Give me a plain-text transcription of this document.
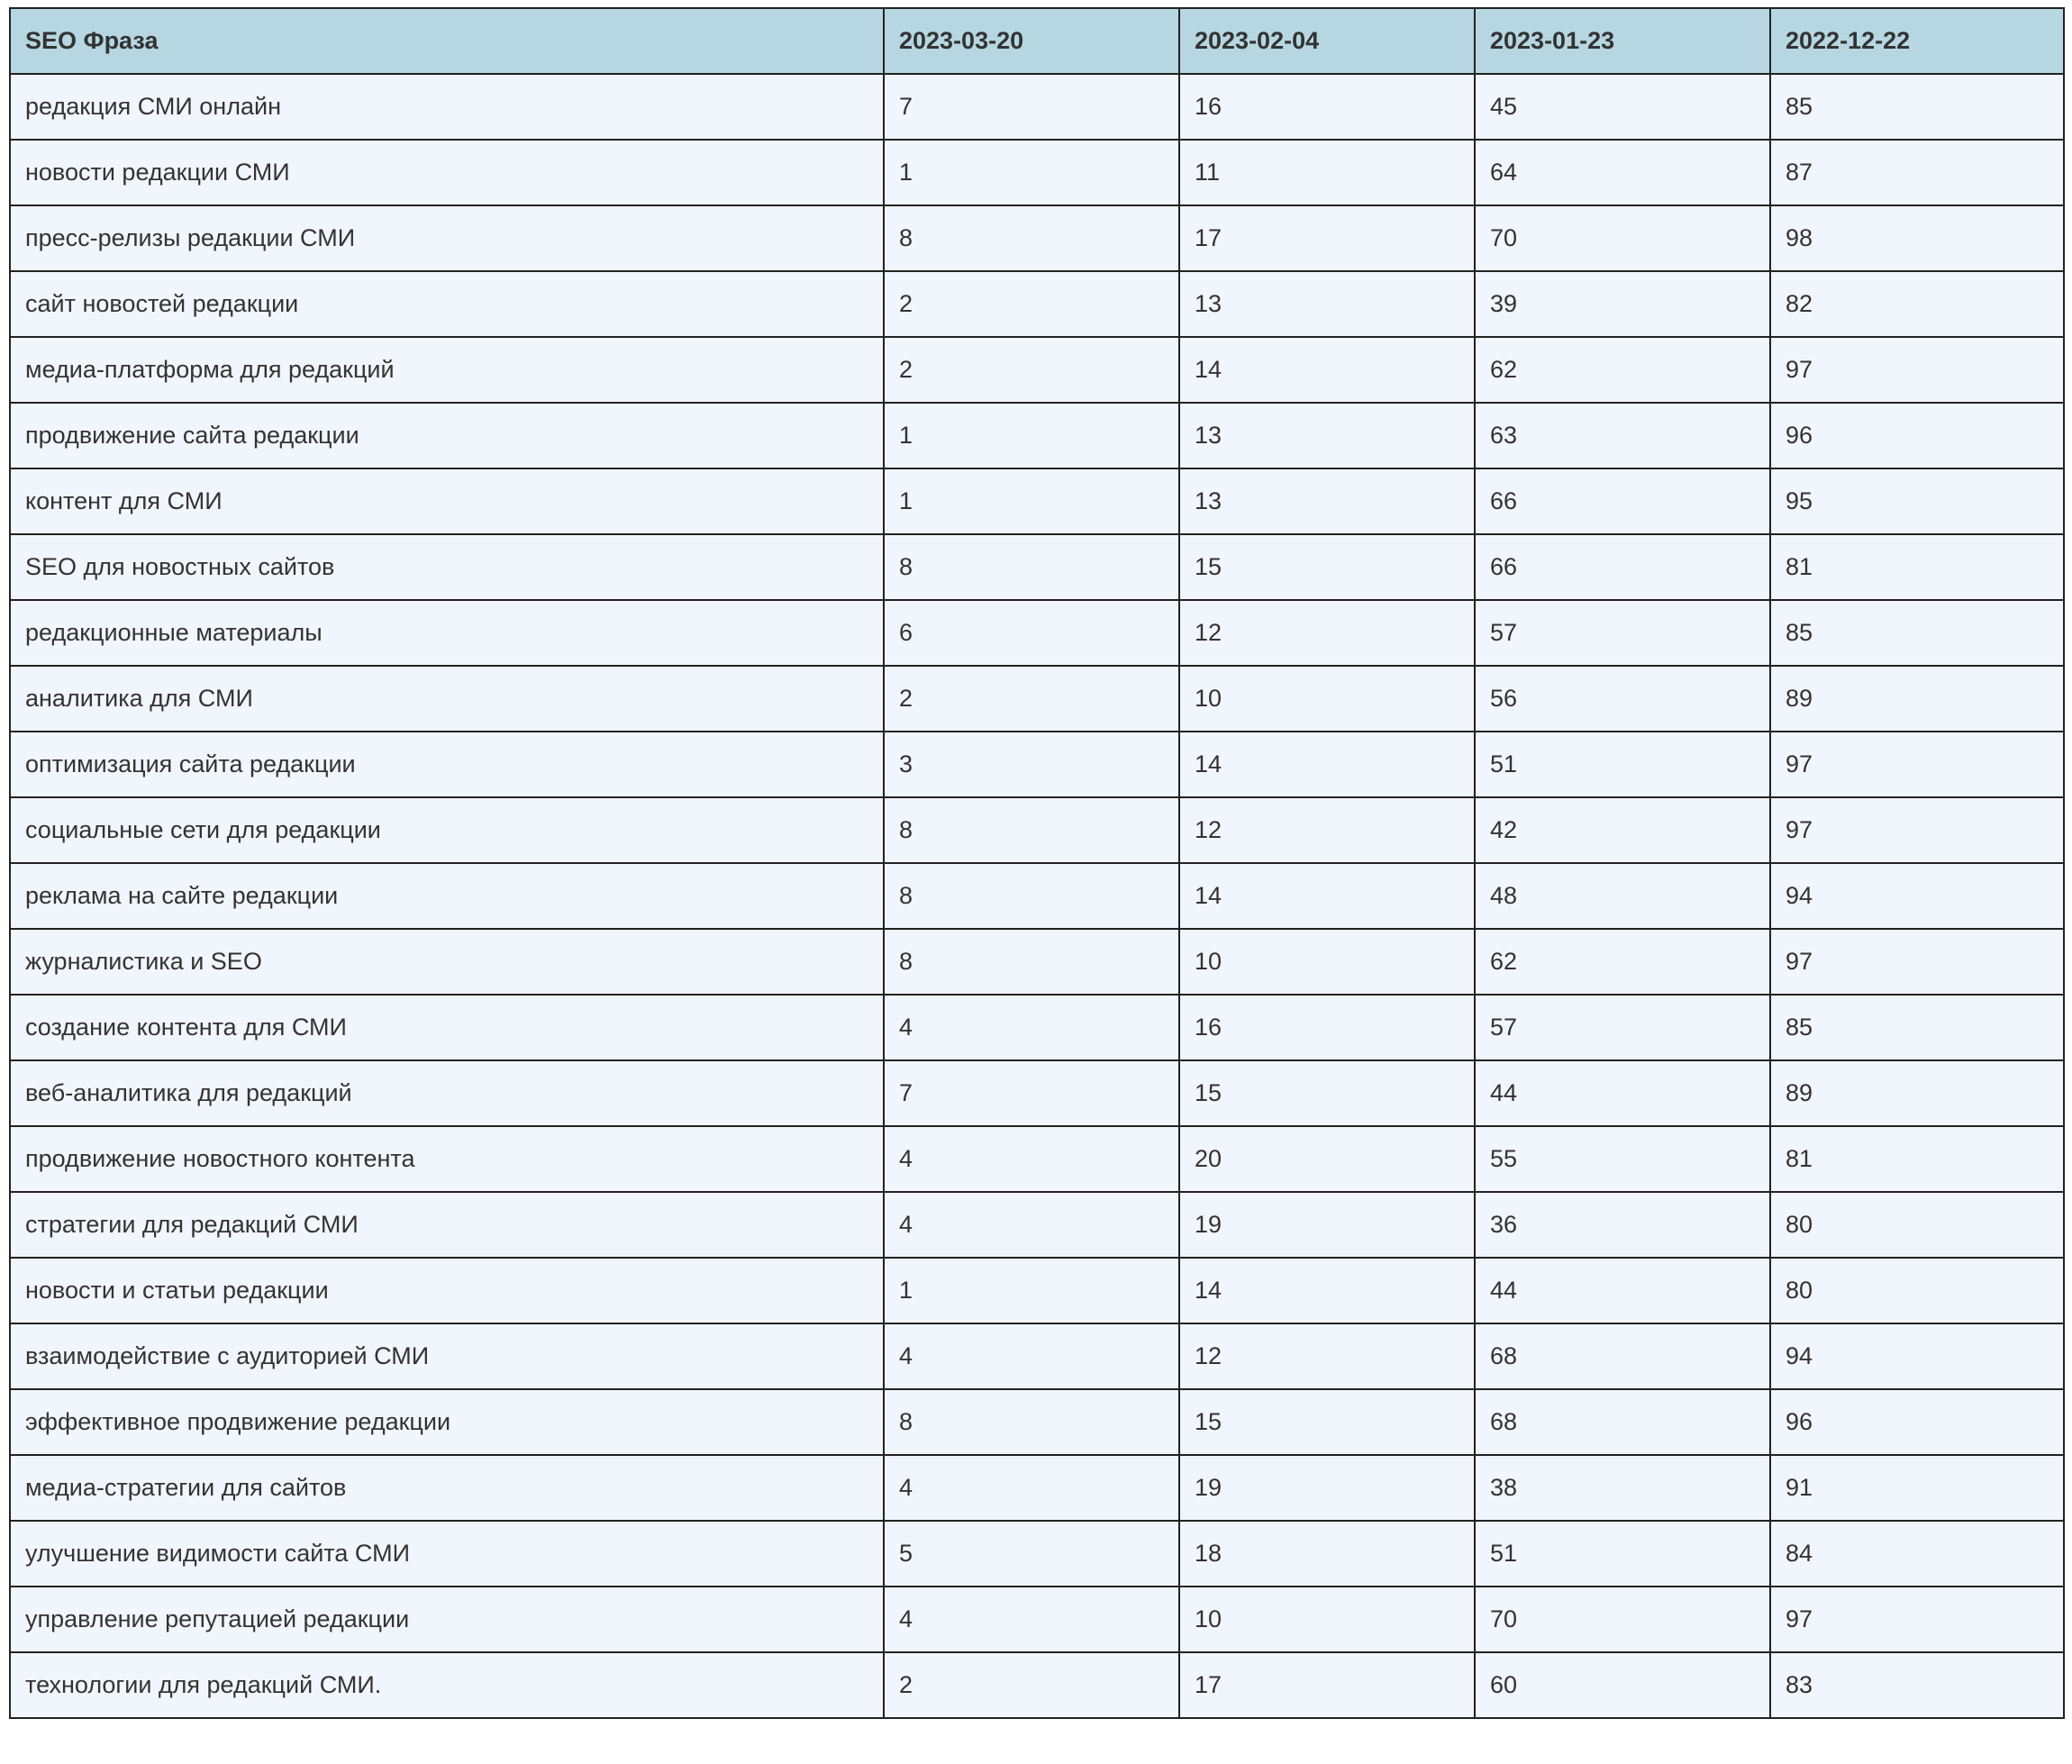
SEO Фраза	2023-03-20	2023-02-04	2023-01-23	2022-12-22
редакция СМИ онлайн	7	16	45	85
новости редакции СМИ	1	11	64	87
пресс-релизы редакции СМИ	8	17	70	98
сайт новостей редакции	2	13	39	82
медиа-платформа для редакций	2	14	62	97
продвижение сайта редакции	1	13	63	96
контент для СМИ	1	13	66	95
SEO для новостных сайтов	8	15	66	81
редакционные материалы	6	12	57	85
аналитика для СМИ	2	10	56	89
оптимизация сайта редакции	3	14	51	97
социальные сети для редакции	8	12	42	97
реклама на сайте редакции	8	14	48	94
журналистика и SEO	8	10	62	97
создание контента для СМИ	4	16	57	85
веб-аналитика для редакций	7	15	44	89
продвижение новостного контента	4	20	55	81
стратегии для редакций СМИ	4	19	36	80
новости и статьи редакции	1	14	44	80
взаимодействие с аудиторией СМИ	4	12	68	94
эффективное продвижение редакции	8	15	68	96
медиа-стратегии для сайтов	4	19	38	91
улучшение видимости сайта СМИ	5	18	51	84
управление репутацией редакции	4	10	70	97
технологии для редакций СМИ.	2	17	60	83
